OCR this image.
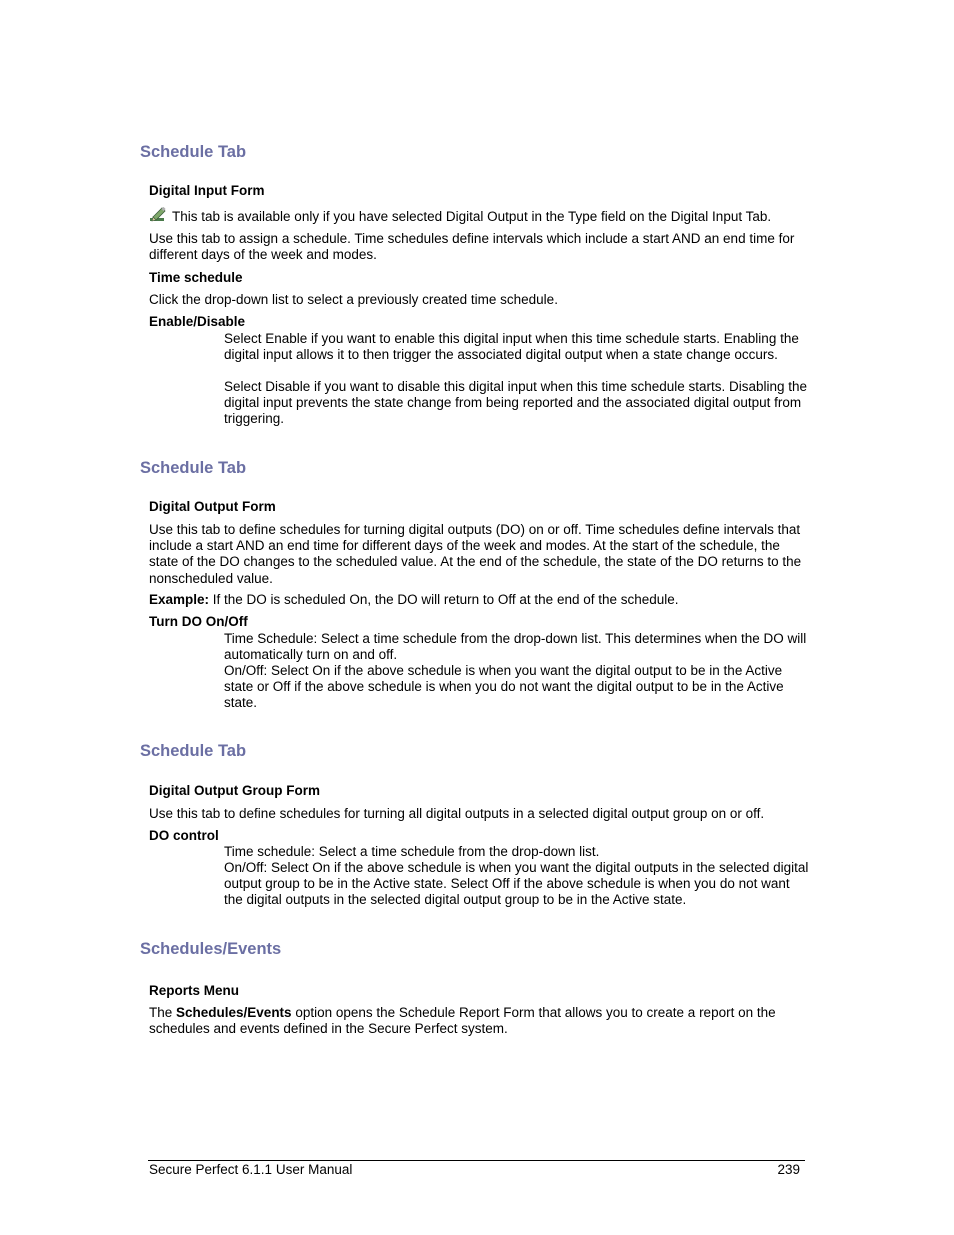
Schedule Tab
Digital Input Form
This tab is available only if you have selected Digital Output in the Type field on the Digital Input Tab.
Use this tab to assign a schedule. Time schedules define intervals which include a start AND an end time for different days of the week and modes.
Time schedule
Click the drop-down list to select a previously created time schedule.
Enable/Disable
Select Enable if you want to enable this digital input when this time schedule starts. Enabling the digital input allows it to then trigger the associated digital output when a state change occurs.
Select Disable if you want to disable this digital input when this time schedule starts. Disabling the digital input prevents the state change from being reported and the associated digital output from triggering.
Schedule Tab
Digital Output Form
Use this tab to define schedules for turning digital outputs (DO) on or off. Time schedules define intervals that include a start AND an end time for different days of the week and modes. At the start of the schedule, the state of the DO changes to the scheduled value. At the end of the schedule, the state of the DO returns to the nonscheduled value.
Example: If the DO is scheduled On, the DO will return to Off at the end of the schedule.
Turn DO On/Off
Time Schedule: Select a time schedule from the drop-down list. This determines when the DO will automatically turn on and off.
On/Off: Select On if the above schedule is when you want the digital output to be in the Active state or Off if the above schedule is when you do not want the digital output to be in the Active state.
Schedule Tab
Digital Output Group Form
Use this tab to define schedules for turning all digital outputs in a selected digital output group on or off.
DO control
Time schedule: Select a time schedule from the drop-down list.
On/Off: Select On if the above schedule is when you want the digital outputs in the selected digital output group to be in the Active state. Select Off if the above schedule is when you do not want the digital outputs in the selected digital output group to be in the Active state.
Schedules/Events
Reports Menu
The Schedules/Events option opens the Schedule Report Form that allows you to create a report on the schedules and events defined in the Secure Perfect system.
Secure Perfect 6.1.1 User Manual	239
